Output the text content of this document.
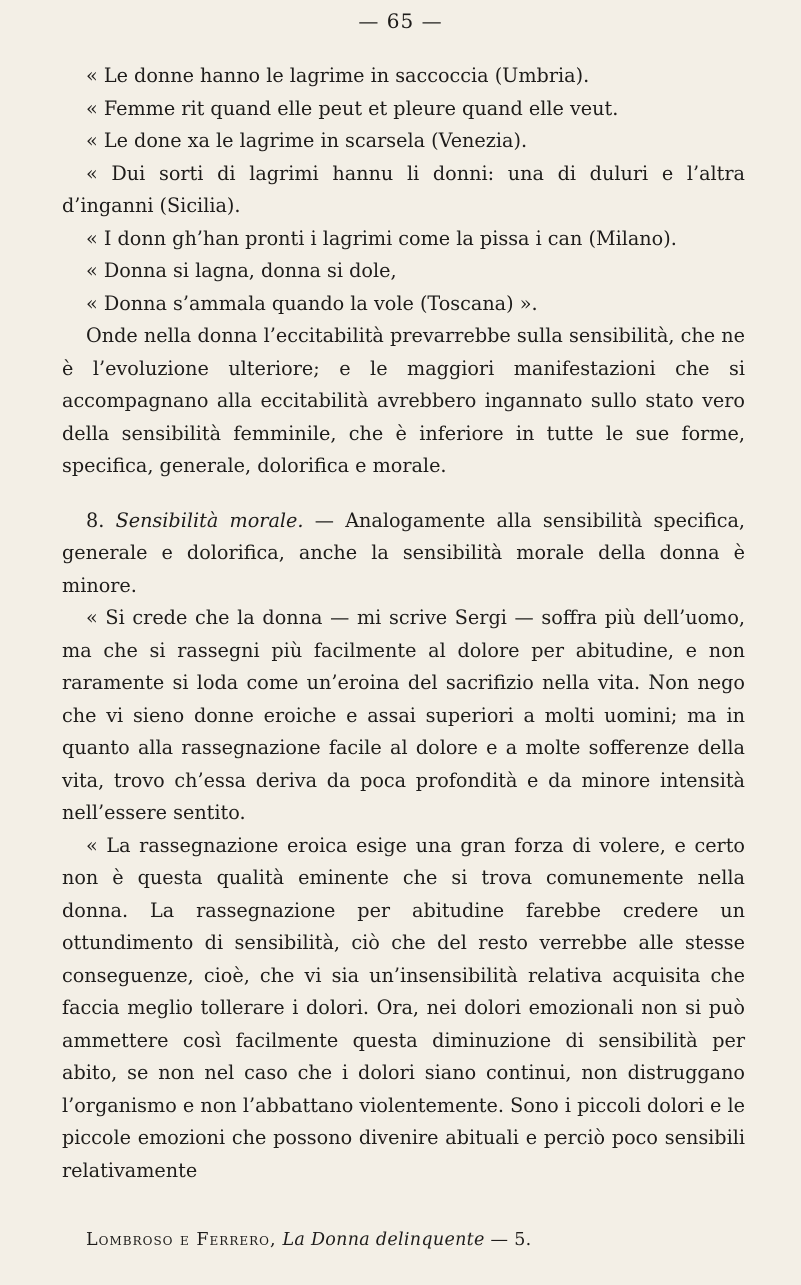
— 65 —

« Le donne hanno le lagrime in saccoccia (Umbria).

« Femme rit quand elle peut et pleure quand elle veut.

« Le done xa le lagrime in scarsela (Venezia).

« Dui sorti di lagrimi hannu li donni: una di duluri e l’altra d’inganni (Sicilia).

« I donn gh’han pronti i lagrimi come la pissa i can (Milano).

« Donna si lagna, donna si dole,

« Donna s’ammala quando la vole (Toscana) ».

Onde nella donna l’eccitabilità prevarrebbe sulla sensibilità, che ne è l’evoluzione ulteriore; e le maggiori manifestazioni che si accompagnano alla eccitabilità avrebbero ingannato sullo stato vero della sensibilità femminile, che è inferiore in tutte le sue forme, specifica, generale, dolorifica e morale.

8. Sensibilità morale. — Analogamente alla sensibilità specifica, generale e dolorifica, anche la sensibilità morale della donna è minore.

« Si crede che la donna — mi scrive Sergi — soffra più dell’uomo, ma che si rassegni più facilmente al dolore per abitudine, e non raramente si loda come un’eroina del sacrifizio nella vita. Non nego che vi sieno donne eroiche e assai superiori a molti uomini; ma in quanto alla rassegnazione facile al dolore e a molte sofferenze della vita, trovo ch’essa deriva da poca profondità e da minore intensità nell’essere sentito.

« La rassegnazione eroica esige una gran forza di volere, e certo non è questa qualità eminente che si trova comunemente nella donna. La rassegnazione per abitudine farebbe credere un ottundimento di sensibilità, ciò che del resto verrebbe alle stesse conseguenze, cioè, che vi sia un’insensibilità relativa acquisita che faccia meglio tollerare i dolori. Ora, nei dolori emozionali non si può ammettere così facilmente questa diminuzione di sensibilità per abito, se non nel caso che i dolori siano continui, non distruggano l’organismo e non l’abbattano violentemente. Sono i piccoli dolori e le piccole emozioni che possono divenire abituali e perciò poco sensibili relativamente

Lombroso e Ferrero, La Donna delinquente — 5.
